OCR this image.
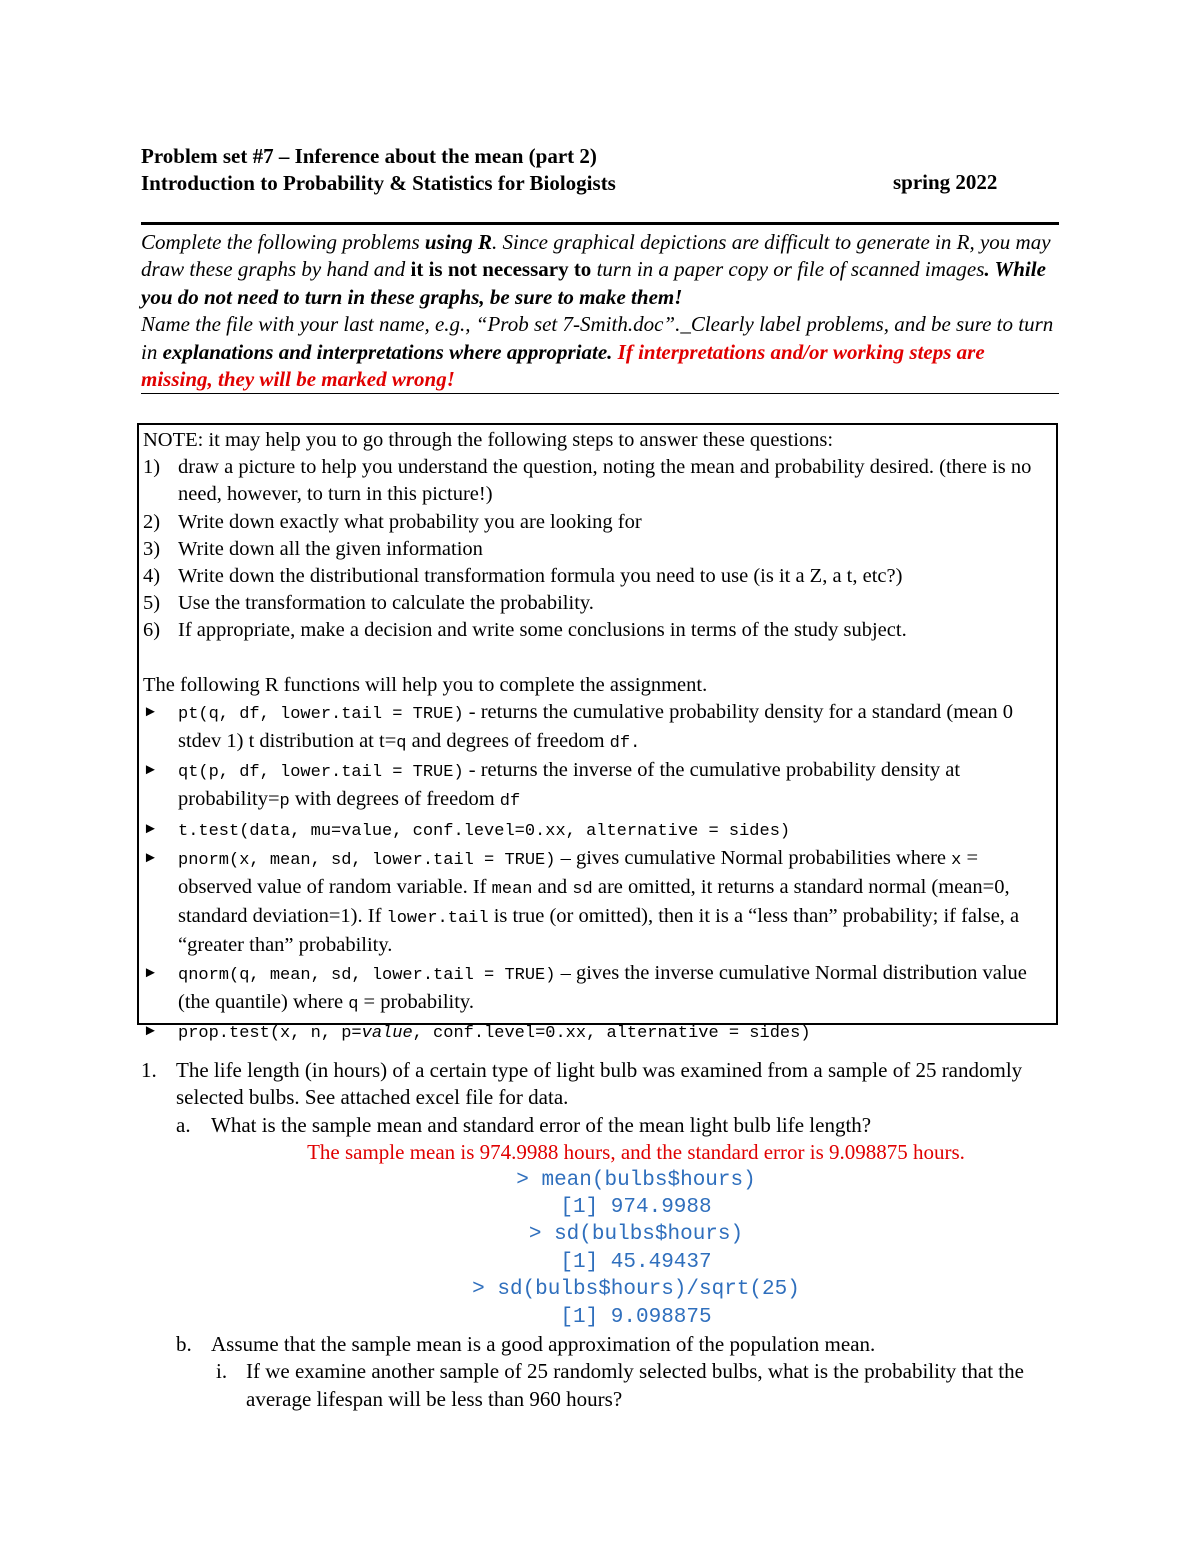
Problem set #7 – Inference about the mean (part 2)
Introduction to Probability & Statistics for Biologists	spring 2022
Complete the following problems using R. Since graphical depictions are difficult to generate in R, you may draw these graphs by hand and it is not necessary to turn in a paper copy or file of scanned images. While you do not need to turn in these graphs, be sure to make them!
Name the file with your last name, e.g., “Prob set 7-Smith.doc”._Clearly label problems, and be sure to turn in explanations and interpretations where appropriate. If interpretations and/or working steps are missing, they will be marked wrong!
NOTE: it may help you to go through the following steps to answer these questions:
1) draw a picture to help you understand the question, noting the mean and probability desired. (there is no need, however, to turn in this picture!)
2) Write down exactly what probability you are looking for
3) Write down all the given information
4) Write down the distributional transformation formula you need to use (is it a Z, a t, etc?)
5) Use the transformation to calculate the probability.
6) If appropriate, make a decision and write some conclusions in terms of the study subject.
The following R functions will help you to complete the assignment.
►	pt(q, df, lower.tail = TRUE) - returns the cumulative probability density for a standard (mean 0 stdev 1) t distribution at t=q and degrees of freedom df.
►	qt(p, df, lower.tail = TRUE) - returns the inverse of the cumulative probability density at probability=p with degrees of freedom df
►	t.test(data, mu=value, conf.level=0.xx, alternative = sides)
►	pnorm(x, mean, sd, lower.tail = TRUE) – gives cumulative Normal probabilities where x = observed value of random variable. If mean and sd are omitted, it returns a standard normal (mean=0, standard deviation=1). If lower.tail is true (or omitted), then it is a “less than” probability; if false, a “greater than” probability.
►	qnorm(q, mean, sd, lower.tail = TRUE) – gives the inverse cumulative Normal distribution value (the quantile) where q = probability.
►	prop.test(x, n, p=value, conf.level=0.xx, alternative = sides)
1. The life length (in hours) of a certain type of light bulb was examined from a sample of 25 randomly selected bulbs. See attached excel file for data.
a. What is the sample mean and standard error of the mean light bulb life length?
The sample mean is 974.9988 hours, and the standard error is 9.098875 hours.
> mean(bulbs$hours)
[1] 974.9988
> sd(bulbs$hours)
[1] 45.49437
> sd(bulbs$hours)/sqrt(25)
[1] 9.098875
b. Assume that the sample mean is a good approximation of the population mean.
i. If we examine another sample of 25 randomly selected bulbs, what is the probability that the average lifespan will be less than 960 hours?
